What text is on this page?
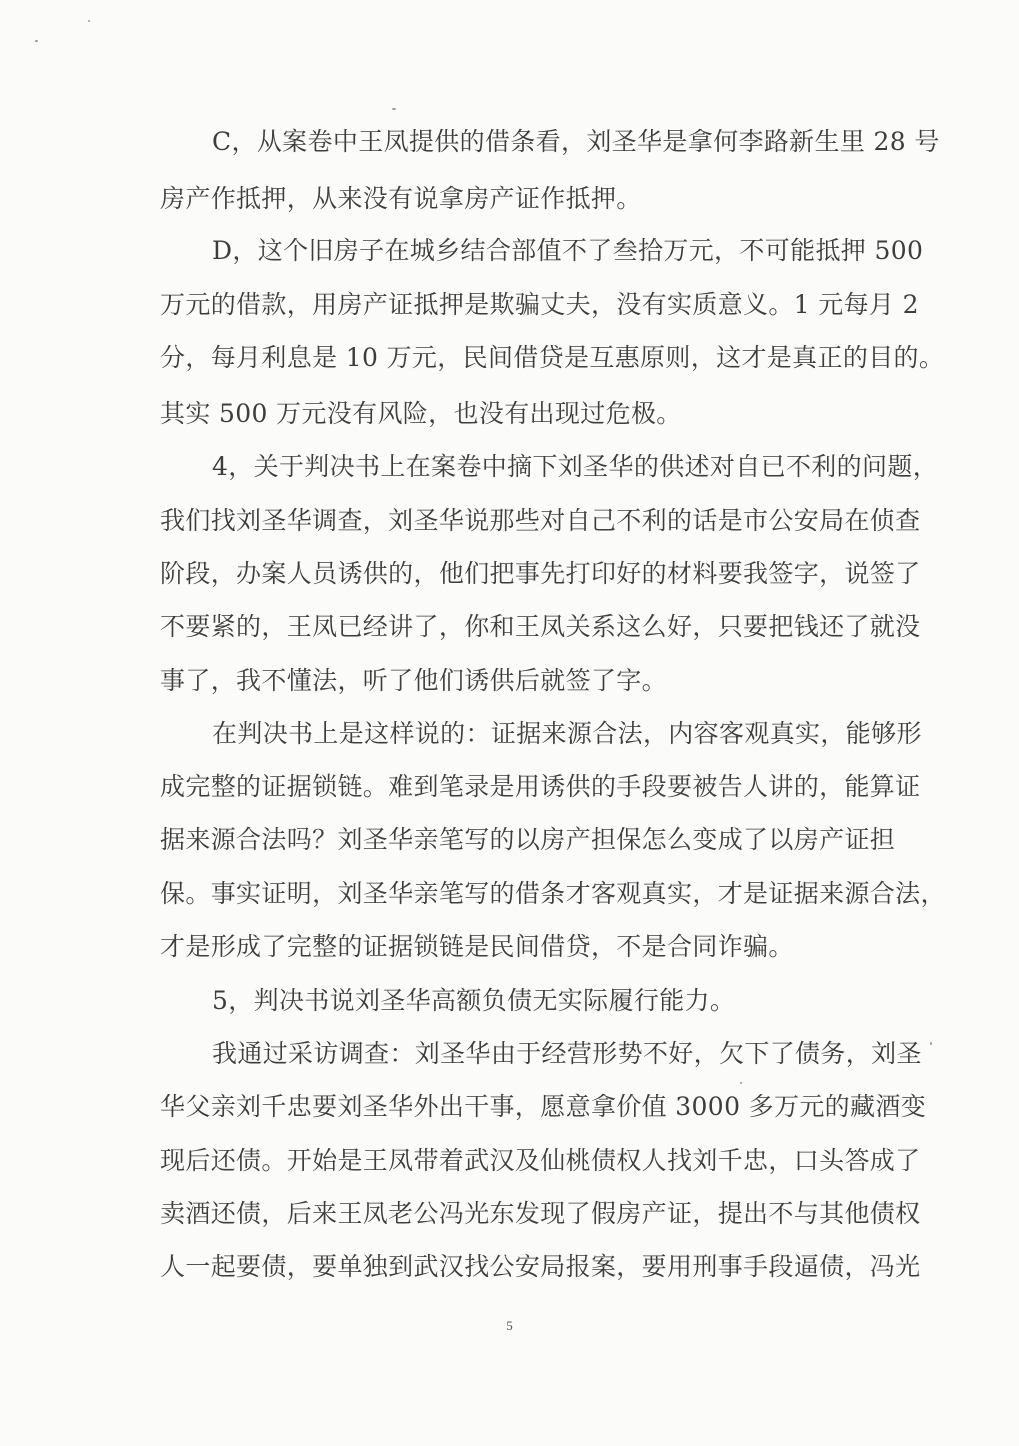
C，从案卷中王凤提供的借条看，刘圣华是拿何李路新生里 28 号
房产作抵押，从来没有说拿房产证作抵押。
D，这个旧房子在城乡结合部值不了叁拾万元，不可能抵押 500
万元的借款，用房产证抵押是欺骗丈夫，没有实质意义。1 元每月 2
分，每月利息是 10 万元，民间借贷是互惠原则，这才是真正的目的。
其实 500 万元没有风险，也没有出现过危极。
4，关于判决书上在案卷中摘下刘圣华的供述对自已不利的问题，
我们找刘圣华调查，刘圣华说那些对自己不利的话是市公安局在侦查
阶段，办案人员诱供的，他们把事先打印好的材料要我签字，说签了
不要紧的，王凤已经讲了，你和王凤关系这么好，只要把钱还了就没
事了，我不懂法，听了他们诱供后就签了字。
在判决书上是这样说的：证据来源合法，内容客观真实，能够形
成完整的证据锁链。难到笔录是用诱供的手段要被告人讲的，能算证
据来源合法吗？刘圣华亲笔写的以房产担保怎么变成了以房产证担
保。事实证明，刘圣华亲笔写的借条才客观真实，才是证据来源合法，
才是形成了完整的证据锁链是民间借贷，不是合同诈骗。
5，判决书说刘圣华高额负债无实际履行能力。
我通过采访调查：刘圣华由于经营形势不好，欠下了债务，刘圣
华父亲刘千忠要刘圣华外出干事，愿意拿价值 3000 多万元的藏酒变
现后还债。开始是王凤带着武汉及仙桃债权人找刘千忠，口头答成了
卖酒还债，后来王凤老公冯光东发现了假房产证，提出不与其他债权
人一起要债，要单独到武汉找公安局报案，要用刑事手段逼债，冯光
5
